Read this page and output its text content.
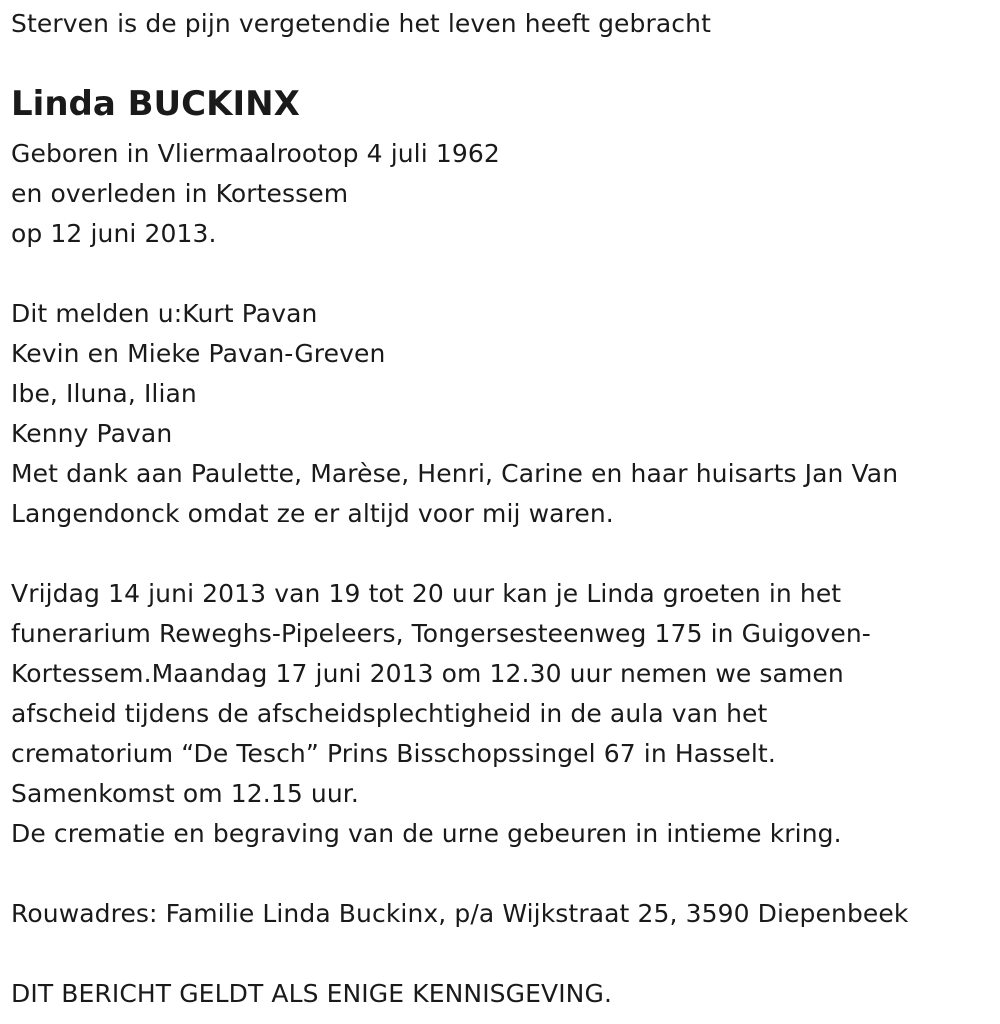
Sterven is de pijn vergetendie het leven heeft gebracht
Linda BUCKINX
Geboren in Vliermaalrootop 4 juli 1962
en overleden in Kortessem
op 12 juni 2013.
Dit melden u:Kurt Pavan
Kevin en Mieke Pavan-Greven
Ibe, Iluna, Ilian
Kenny Pavan
Met dank aan Paulette, Marèse, Henri, Carine en haar huisarts Jan Van
Langendonck omdat ze er altijd voor mij waren.
Vrijdag 14 juni 2013 van 19 tot 20 uur kan je Linda groeten in het
funerarium Reweghs-Pipeleers, Tongersesteenweg 175 in Guigoven-
Kortessem.Maandag 17 juni 2013 om 12.30 uur nemen we samen
afscheid tijdens de afscheidsplechtigheid in de aula van het
crematorium “De Tesch” Prins Bisschopssingel 67 in Hasselt.
Samenkomst om 12.15 uur.
De crematie en begraving van de urne gebeuren in intieme kring.
Rouwadres: Familie Linda Buckinx, p/a Wijkstraat 25, 3590 Diepenbeek
DIT BERICHT GELDT ALS ENIGE KENNISGEVING.
